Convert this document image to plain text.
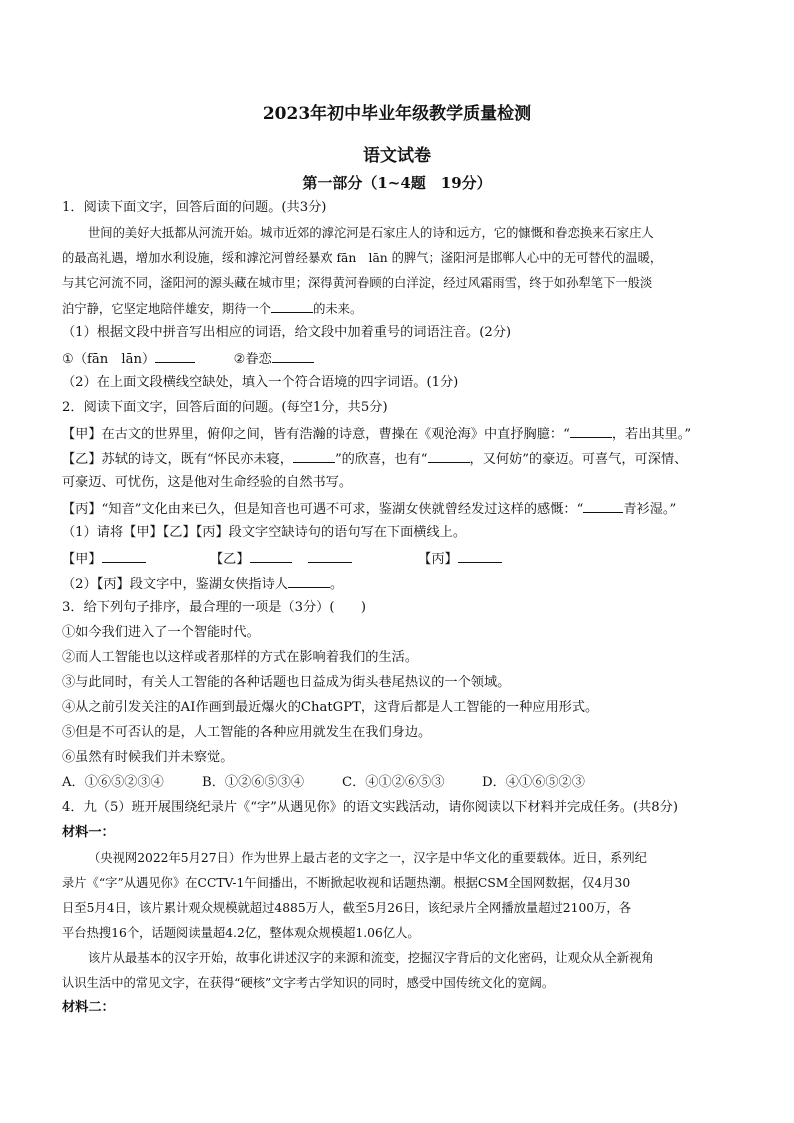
2023年初中毕业年级教学质量检测
语文试卷
第一部分（1~4题　19分）
1．阅读下面文字，回答后面的问题。(共3分)
世间的美好大抵都从河流开始。城市近郊的滹沱河是石家庄人的诗和远方，它的慷慨和眷恋换来石家庄人
的最高礼遇，增加水利设施，绥和滹沱河曾经暴欢 fān　lān 的脾气；滏阳河是邯郸人心中的无可替代的温暖，
与其它河流不同，滏阳河的源头藏在城市里；深得黄河眷顾的白洋淀，经过风霜雨雪，终于如孙犁笔下一般淡
泊宁静，它坚定地陪伴雄安，期待一个	的未来。
（1）根据文段中拼音写出相应的词语，给文段中加着重号的词语注音。(2分)
①（fān　lān）	②眷恋
（2）在上面文段横线空缺处，填入一个符合语境的四字词语。(1分)
2．阅读下面文字，回答后面的问题。(每空1分，共5分)
【甲】在古文的世界里，俯仰之间，皆有浩瀚的诗意，曹操在《观沧海》中直抒胸臆：“	，若出其里。”
【乙】苏轼的诗文，既有“怀民亦未寝，	”的欣喜，也有“	，又何妨”的豪迈。可喜气，可深情、
可豪迈、可忧伤，这是他对生命经验的自然书写。
【丙】“知音”文化由来已久，但是知音也可遇不可求，鉴湖女侠就曾经发过这样的感慨：“	青衫湿。”
（1）请将【甲】【乙】【丙】段文字空缺诗句的语句写在下面横线上。
【甲】	【乙】	【丙】
（2）【丙】段文字中，鉴湖女侠指诗人	。
3．给下列句子排序，最合理的一项是（3分）(　　)
①如今我们进入了一个智能时代。
②而人工智能也以这样或者那样的方式在影响着我们的生活。
③与此同时，有关人工智能的各种话题也日益成为街头巷尾热议的一个领域。
④从之前引发关注的AI作画到最近爆火的ChatGPT，这背后都是人工智能的一种应用形式。
⑤但是不可否认的是，人工智能的各种应用就发生在我们身边。
⑥虽然有时候我们并未察觉。
A．①⑥⑤②③④	B．①②⑥⑤③④	C．④①②⑥⑤③	D．④①⑥⑤②③
4．九（5）班开展围绕纪录片《“字”从遇见你》的语文实践活动，请你阅读以下材料并完成任务。(共8分)
材料一：
（央视网2022年5月27日）作为世界上最古老的文字之一，汉字是中华文化的重要载体。近日，系列纪
录片《“字”从遇见你》在CCTV-1午间播出，不断掀起收视和话题热潮。根据CSM全国网数据，仅4月30
日至5月4日，该片累计观众规模就超过4885万人，截至5月26日，该纪录片全网播放量超过2100万，各
平台热搜16个，话题阅读量超4.2亿，整体观众规模超1.06亿人。
该片从最基本的汉字开始，故事化讲述汉字的来源和流变，挖掘汉字背后的文化密码，让观众从全新视角
认识生活中的常见文字，在获得“硬核”文字考古学知识的同时，感受中国传统文化的宽阔。
材料二：
